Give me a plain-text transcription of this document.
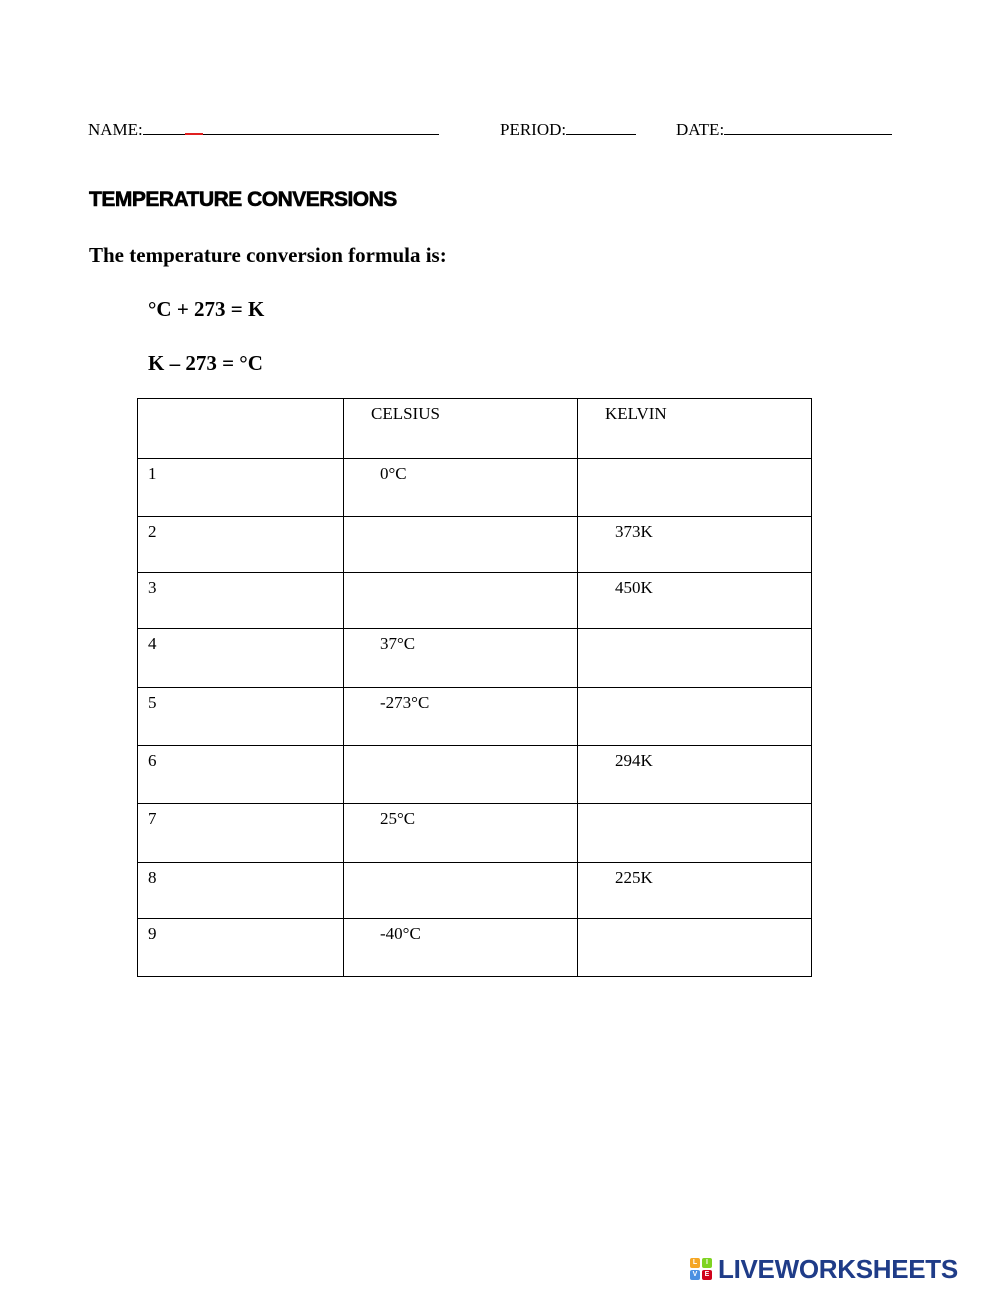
NAME:	PERIOD:	DATE:
TEMPERATURE CONVERSIONS
The temperature conversion formula is:
°C + 273 = K
K – 273 = °C

	CELSIUS	KELVIN

1	0°C	

2		373K

3		450K

4	37°C	

5	-273°C	

6		294K

7	25°C	

8		225K

9	-40°C	

L	I
V	E LIVEWORKSHEETS
